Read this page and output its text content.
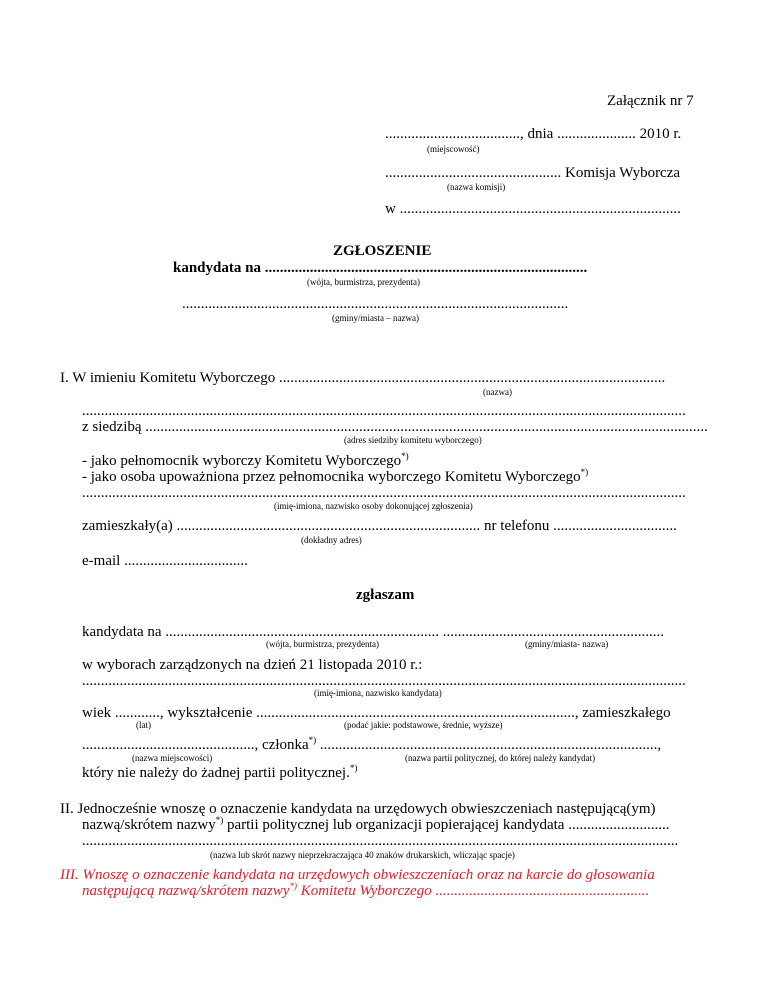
Załącznik nr 7
...................................., dnia ..................... 2010 r.
(miejscowość)
............................................... Komisja Wyborcza
(nazwa komisji)
w ...........................................................................
ZGŁOSZENIE
kandydata na ......................................................................................
(wójta, burmistrza, prezydenta)
.......................................................................................................
(gminy/miasta – nazwa)
I. W imieniu Komitetu Wyborczego .......................................................................................................
(nazwa)
.................................................................................................................................................................
z siedzibą ......................................................................................................................................................
(adres siedziby komitetu wyborczego)
- jako pełnomocnik wyborczy Komitetu Wyborczego*)
- jako osoba upoważniona przez pełnomocnika wyborczego Komitetu Wyborczego*)
.................................................................................................................................................................
(imię-imiona, nazwisko osoby dokonującej zgłoszenia)
zamieszkały(a) ................................................................................. nr telefonu .................................
(dokładny adres)
e-mail .................................
zgłaszam
kandydata na ......................................................................... ...........................................................
(wójta, burmistrza, prezydenta)	(gminy/miasta- nazwa)
w wyborach zarządzonych na dzień 21 listopada 2010 r.:
.................................................................................................................................................................
(imię-imiona, nazwisko kandydata)
wiek ............, wykształcenie ....................................................................................., zamieszkałego
(lat)	(podać jakie: podstawowe, średnie, wyższe)
.............................................., członka*) ..........................................................................................,
(nazwa miejscowości)	(nazwa partii politycznej, do której należy kandydat)
który nie należy do żadnej partii politycznej.*)
II. Jednocześnie wnoszę o oznaczenie kandydata na urzędowych obwieszczeniach następującą(ym)
nazwą/skrótem nazwy*) partii politycznej lub organizacji popierającej kandydata ...........................
...............................................................................................................................................................
(nazwa lub skrót nazwy nieprzekraczająca 40 znaków drukarskich, wliczając spacje)
III. Wnoszę o oznaczenie kandydata na urzędowych obwieszczeniach oraz na karcie do głosowania
następującą nazwą/skrótem nazwy*) Komitetu Wyborczego .........................................................
